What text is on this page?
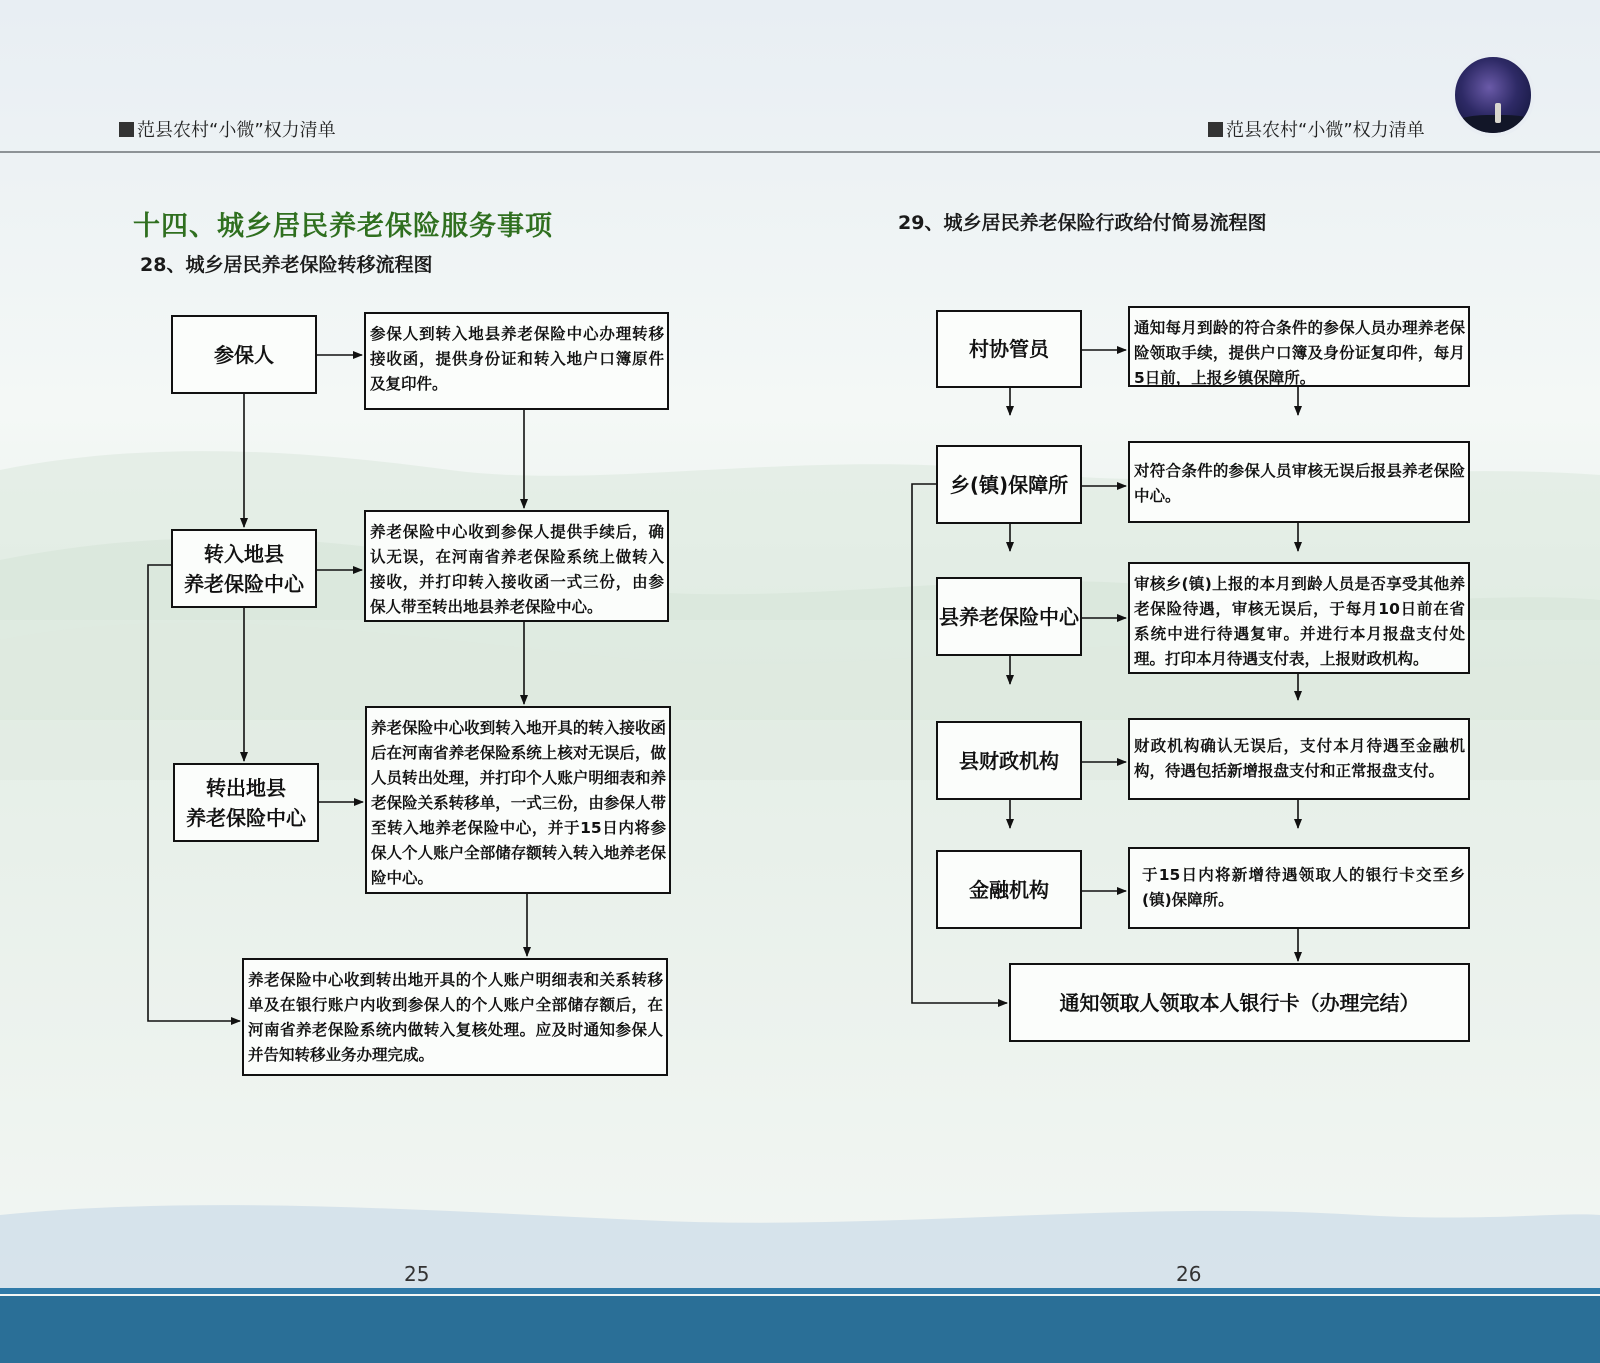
范县农村“小微”权力清单	范县农村“小微”权力清单
十四、城乡居民养老保险服务事项
28、城乡居民养老保险转移流程图
29、城乡居民养老保险行政给付简易流程图
参保人
转入地县
养老保险中心
转出地县
养老保险中心
参保人到转入地县养老保险中心办理转移接收函，提供身份证和转入地户口簿原件及复印件。
养老保险中心收到参保人提供手续后，确认无误，在河南省养老保险系统上做转入接收，并打印转入接收函一式三份，由参保人带至转出地县养老保险中心。
养老保险中心收到转入地开具的转入接收函后在河南省养老保险系统上核对无误后，做人员转出处理，并打印个人账户明细表和养老保险关系转移单，一式三份，由参保人带至转入地养老保险中心，并于15日内将参保人个人账户全部储存额转入转入地养老保险中心。
养老保险中心收到转出地开具的个人账户明细表和关系转移单及在银行账户内收到参保人的个人账户全部储存额后，在河南省养老保险系统内做转入复核处理。应及时通知参保人并告知转移业务办理完成。
村协管员
乡(镇)保障所
县养老保险中心
县财政机构
金融机构
通知每月到龄的符合条件的参保人员办理养老保险领取手续，提供户口簿及身份证复印件，每月5日前，上报乡镇保障所。
对符合条件的参保人员审核无误后报县养老保险中心。
审核乡(镇)上报的本月到龄人员是否享受其他养老保险待遇，审核无误后，于每月10日前在省系统中进行待遇复审。并进行本月报盘支付处理。打印本月待遇支付表，上报财政机构。
财政机构确认无误后，支付本月待遇至金融机构，待遇包括新增报盘支付和正常报盘支付。
于15日内将新增待遇领取人的银行卡交至乡(镇)保障所。
通知领取人领取本人银行卡（办理完结）
25	26
